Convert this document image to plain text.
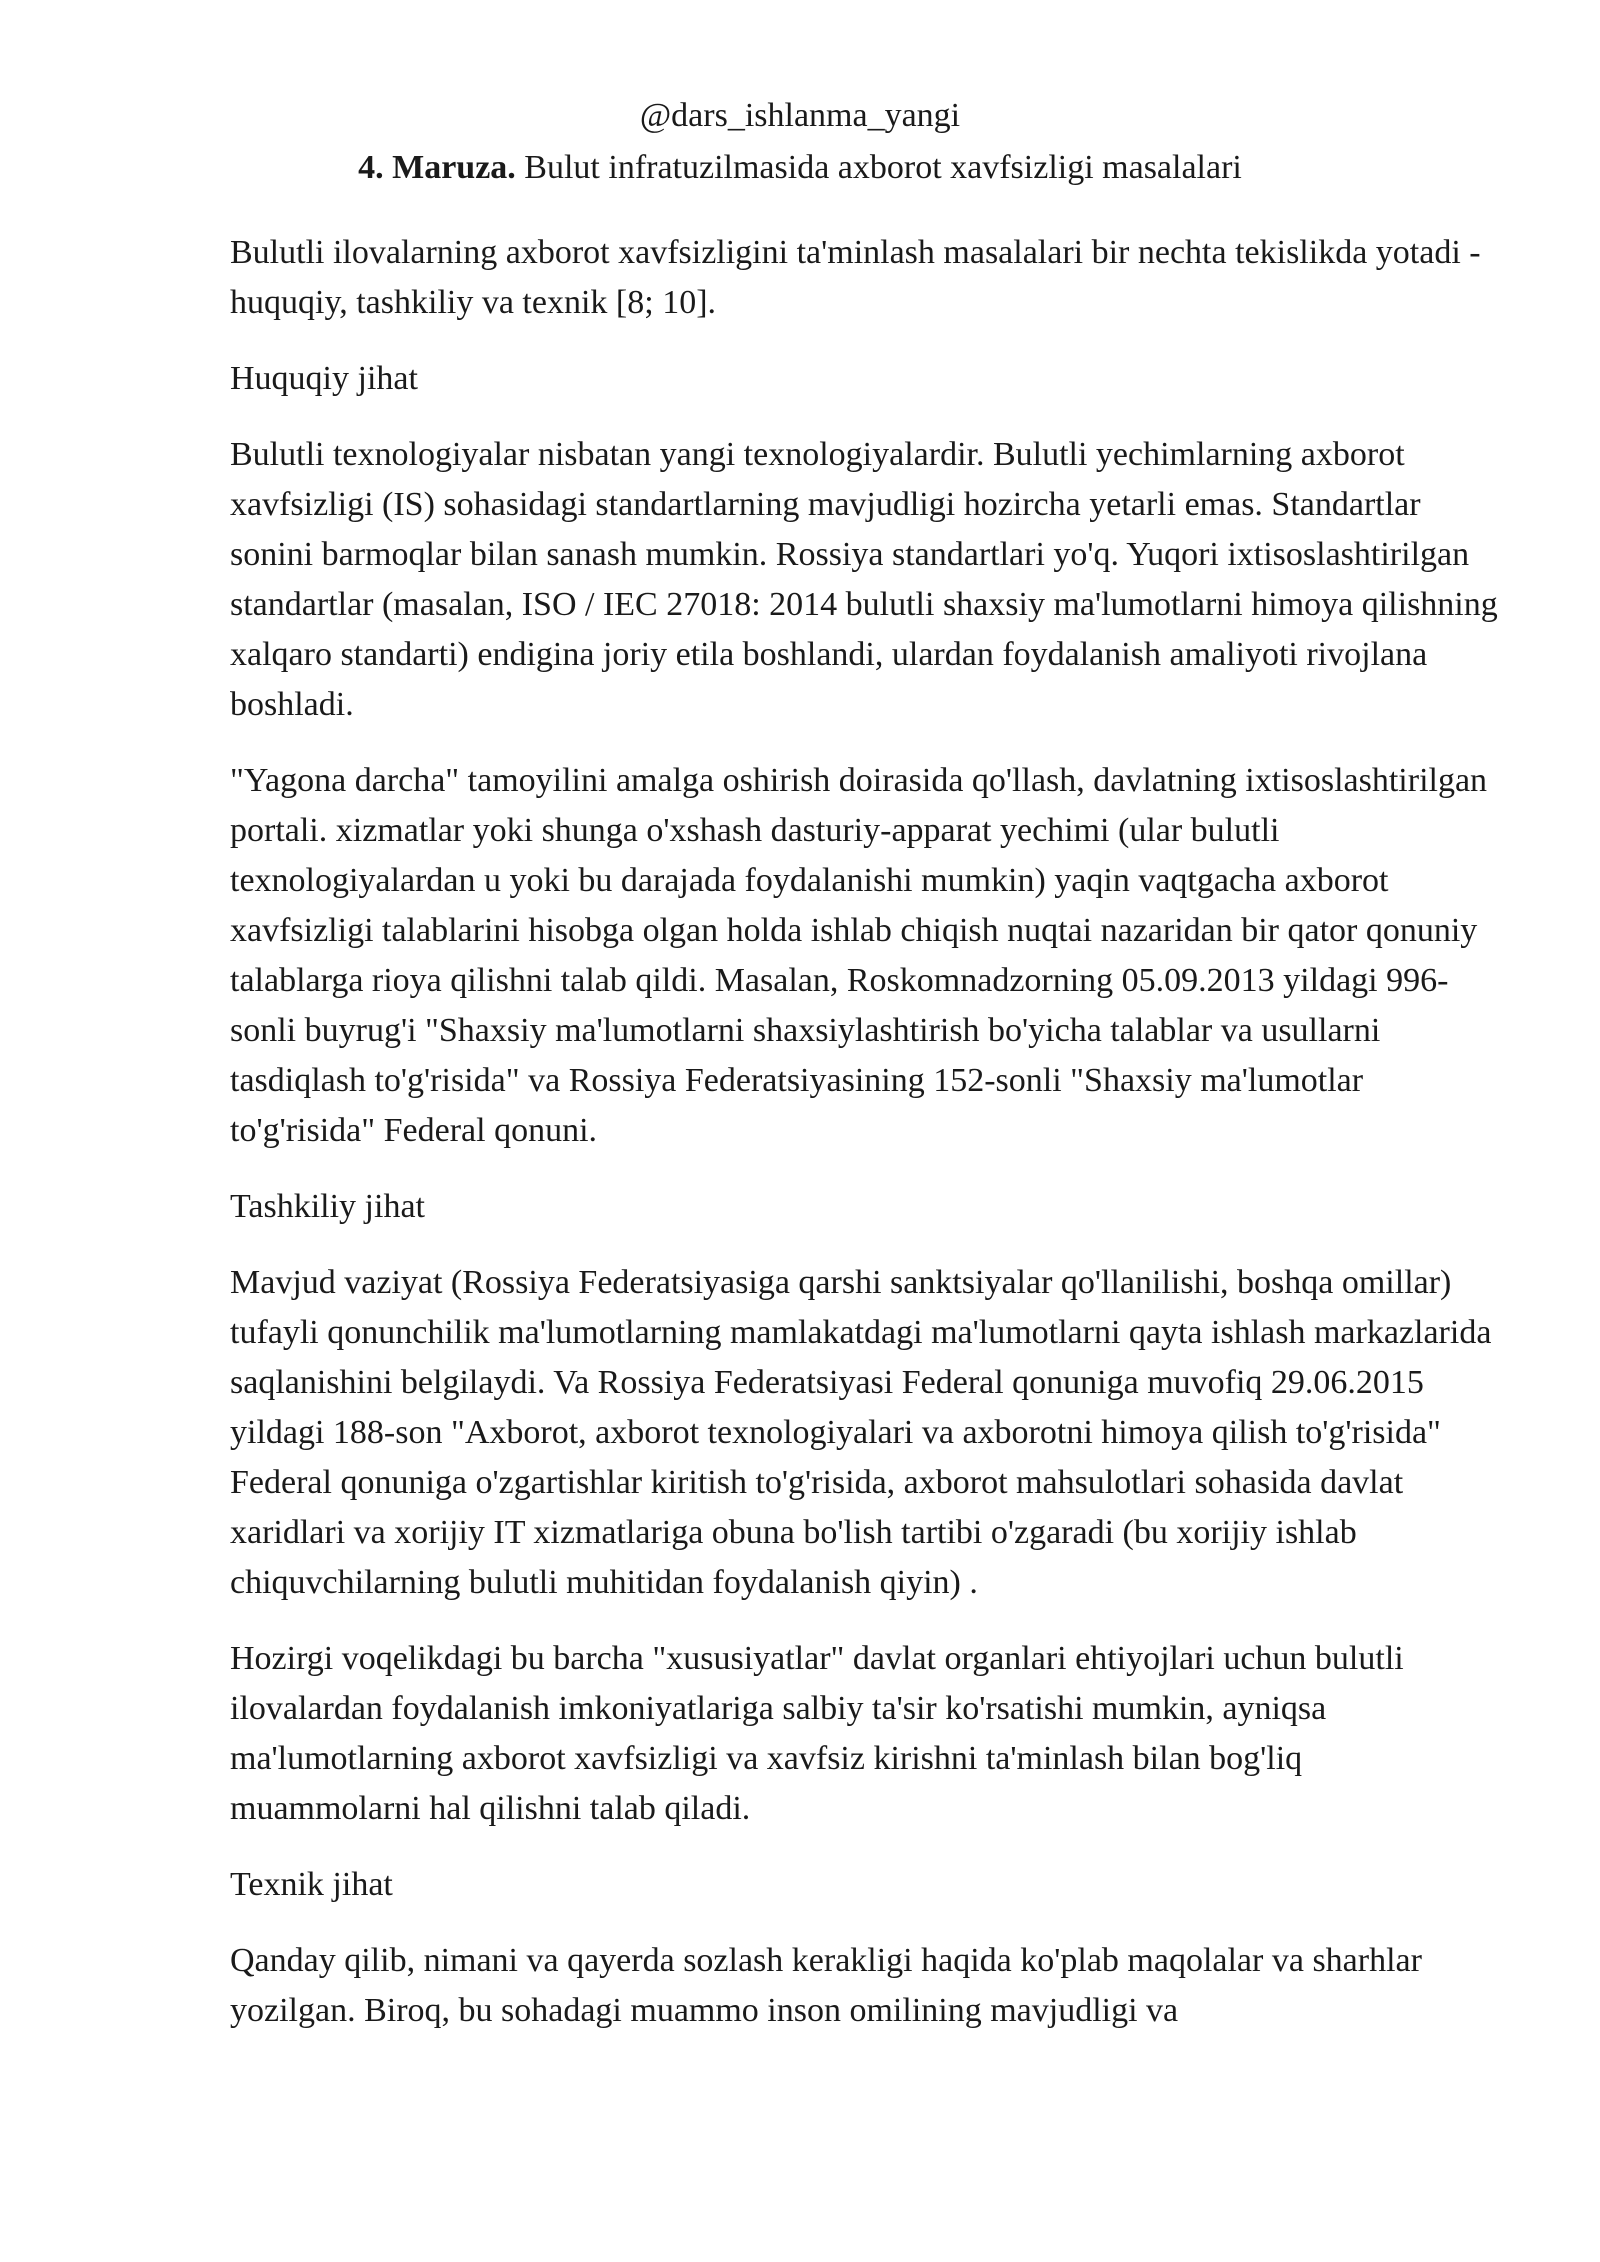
@dars_ishlanma_yangi
4. Maruza. Bulut infratuzilmasida axborot xavfsizligi masalalari

Bulutli ilovalarning axborot xavfsizligini ta'minlash masalalari bir nechta tekislikda yotadi - huquqiy, tashkiliy va texnik [8; 10].

Huquqiy jihat

Bulutli texnologiyalar nisbatan yangi texnologiyalardir. Bulutli yechimlarning axborot xavfsizligi (IS) sohasidagi standartlarning mavjudligi hozircha yetarli emas. Standartlar sonini barmoqlar bilan sanash mumkin. Rossiya standartlari yo'q. Yuqori ixtisoslashtirilgan standartlar (masalan, ISO / IEC 27018: 2014 bulutli shaxsiy ma'lumotlarni himoya qilishning xalqaro standarti) endigina joriy etila boshlandi, ulardan foydalanish amaliyoti rivojlana boshladi.

"Yagona darcha" tamoyilini amalga oshirish doirasida qo'llash, davlatning ixtisoslashtirilgan portali. xizmatlar yoki shunga o'xshash dasturiy-apparat yechimi (ular bulutli texnologiyalardan u yoki bu darajada foydalanishi mumkin) yaqin vaqtgacha axborot xavfsizligi talablarini hisobga olgan holda ishlab chiqish nuqtai nazaridan bir qator qonuniy talablarga rioya qilishni talab qildi. Masalan, Roskomnadzorning 05.09.2013 yildagi 996-sonli buyrug'i "Shaxsiy ma'lumotlarni shaxsiylashtirish bo'yicha talablar va usullarni tasdiqlash to'g'risida" va Rossiya Federatsiyasining 152-sonli "Shaxsiy ma'lumotlar to'g'risida" Federal qonuni.

Tashkiliy jihat

Mavjud vaziyat (Rossiya Federatsiyasiga qarshi sanktsiyalar qo'llanilishi, boshqa omillar) tufayli qonunchilik ma'lumotlarning mamlakatdagi ma'lumotlarni qayta ishlash markazlarida saqlanishini belgilaydi. Va Rossiya Federatsiyasi Federal qonuniga muvofiq 29.06.2015 yildagi 188-son "Axborot, axborot texnologiyalari va axborotni himoya qilish to'g'risida" Federal qonuniga o'zgartishlar kiritish to'g'risida, axborot mahsulotlari sohasida davlat xaridlari va xorijiy IT xizmatlariga obuna bo'lish tartibi o'zgaradi (bu xorijiy ishlab chiquvchilarning bulutli muhitidan foydalanish qiyin) .

Hozirgi voqelikdagi bu barcha "xususiyatlar" davlat organlari ehtiyojlari uchun bulutli ilovalardan foydalanish imkoniyatlariga salbiy ta'sir ko'rsatishi mumkin, ayniqsa ma'lumotlarning axborot xavfsizligi va xavfsiz kirishni ta'minlash bilan bog'liq muammolarni hal qilishni talab qiladi.

Texnik jihat

Qanday qilib, nimani va qayerda sozlash kerakligi haqida ko'plab maqolalar va sharhlar yozilgan. Biroq, bu sohadagi muammo inson omilining mavjudligi va
